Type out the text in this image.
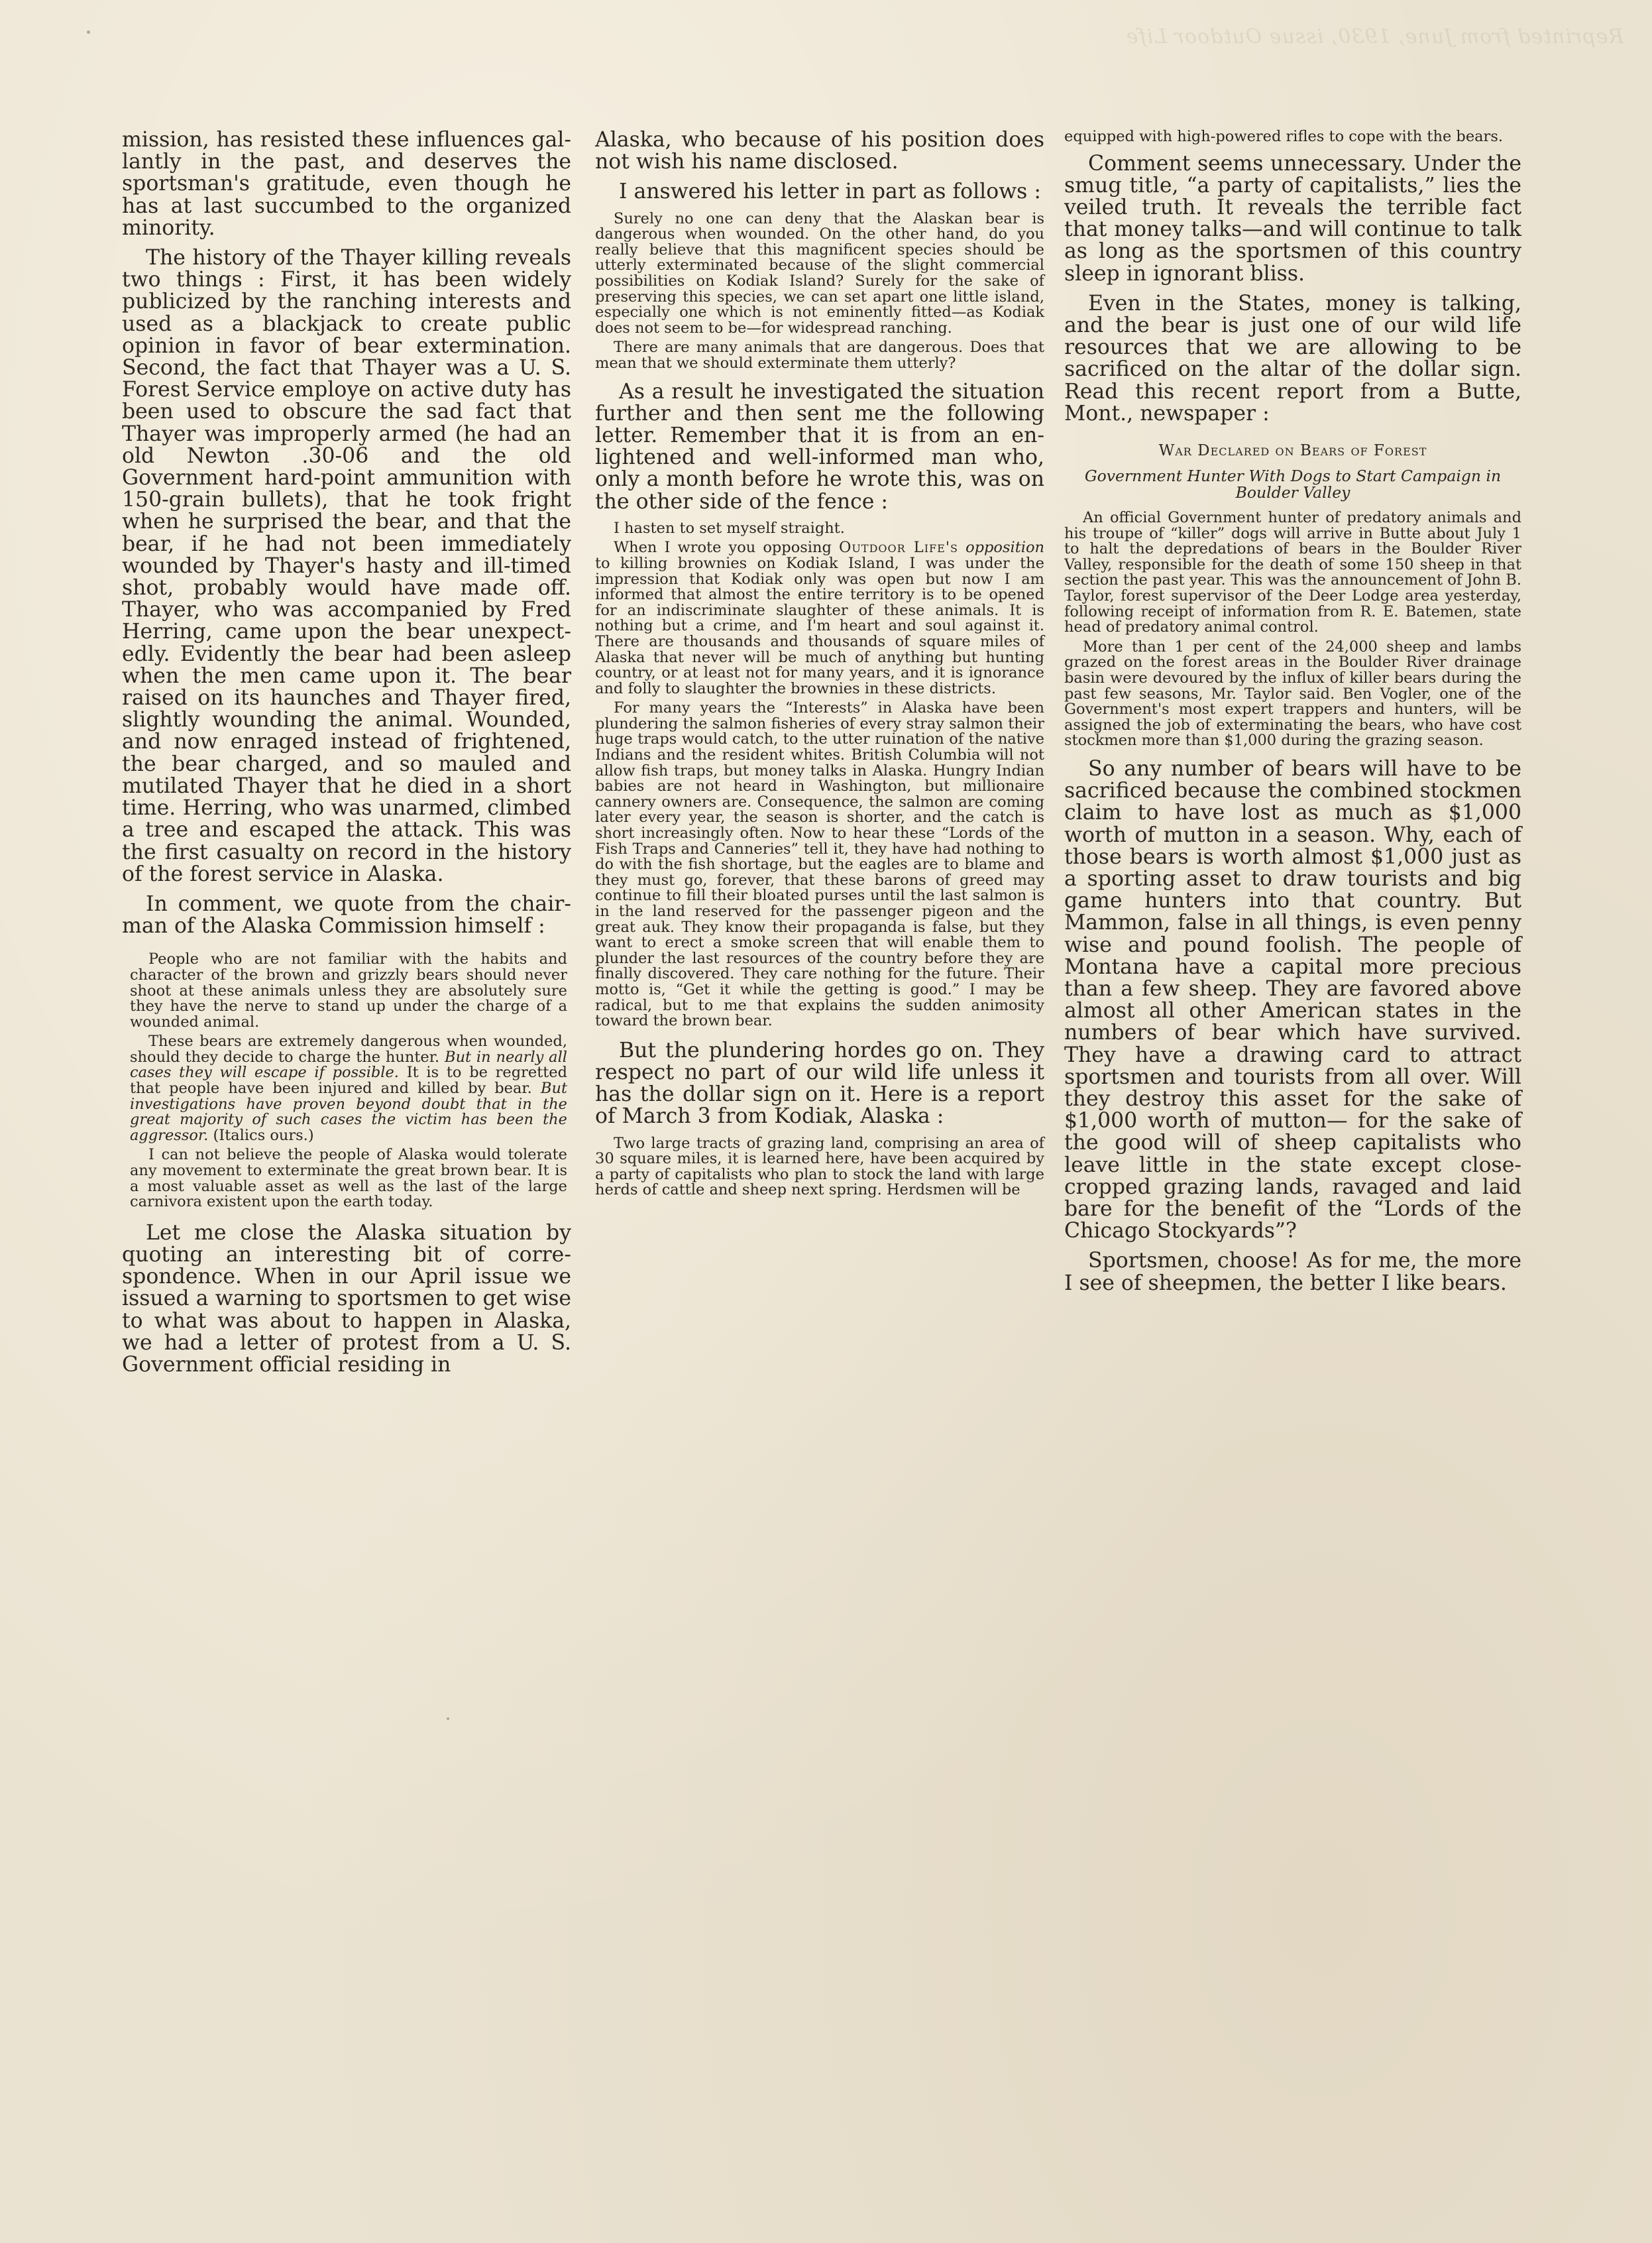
Reprinted from June, 1930, issue Outdoor Life

mission, has resisted these influences gallantly in the past, and deserves the sportsman's gratitude, even though he has at last succumbed to the organized minority.

The history of the Thayer killing reveals two things : First, it has been widely publicized by the ranching interests and used as a blackjack to create public opinion in favor of bear extermination. Second, the fact that Thayer was a U. S. Forest Service employe on active duty has been used to obscure the sad fact that Thayer was improperly armed (he had an old Newton .30-06 and the old Government hard-point ammunition with 150-grain bullets), that he took fright when he surprised the bear, and that the bear, if he had not been immediately wounded by Thayer's hasty and ill-timed shot, probably would have made off. Thayer, who was accompanied by Fred Herring, came upon the bear unexpectedly. Evidently the bear had been asleep when the men came upon it. The bear raised on its haunches and Thayer fired, slightly wounding the animal. Wounded, and now enraged instead of frightened, the bear charged, and so mauled and mutilated Thayer that he died in a short time. Herring, who was unarmed, climbed a tree and escaped the attack. This was the first casualty on record in the history of the forest service in Alaska.

In comment, we quote from the chairman of the Alaska Commission himself :

People who are not familiar with the habits and character of the brown and grizzly bears should never shoot at these animals unless they are absolutely sure they have the nerve to stand up under the charge of a wounded animal.

These bears are extremely dangerous when wounded, should they decide to charge the hunter. But in nearly all cases they will escape if possible. It is to be regretted that people have been injured and killed by bear. But investigations have proven beyond doubt that in the great majority of such cases the victim has been the aggressor. (Italics ours.)

I can not believe the people of Alaska would tolerate any movement to exterminate the great brown bear. It is a most valuable asset as well as the last of the large carnivora existent upon the earth today.

Let me close the Alaska situation by quoting an interesting bit of correspondence. When in our April issue we issued a warning to sportsmen to get wise to what was about to happen in Alaska, we had a letter of protest from a U. S. Government official residing in

Alaska, who because of his position does not wish his name disclosed.

I answered his letter in part as follows :

Surely no one can deny that the Alaskan bear is dangerous when wounded. On the other hand, do you really believe that this magnificent species should be utterly exterminated because of the slight commercial possibilities on Kodiak Island? Surely for the sake of preserving this species, we can set apart one little island, especially one which is not eminently fitted—as Kodiak does not seem to be—for widespread ranching.

There are many animals that are dangerous. Does that mean that we should exterminate them utterly?

As a result he investigated the situation further and then sent me the following letter. Remember that it is from an enlightened and well-informed man who, only a month before he wrote this, was on the other side of the fence :

I hasten to set myself straight.

When I wrote you opposing Outdoor Life's opposition to killing brownies on Kodiak Island, I was under the impression that Kodiak only was open but now I am informed that almost the entire territory is to be opened for an indiscriminate slaughter of these animals. It is nothing but a crime, and I'm heart and soul against it. There are thousands and thousands of square miles of Alaska that never will be much of anything but hunting country, or at least not for many years, and it is ignorance and folly to slaughter the brownies in these districts.

For many years the “Interests” in Alaska have been plundering the salmon fisheries of every stray salmon their huge traps would catch, to the utter ruination of the native Indians and the resident whites. British Columbia will not allow fish traps, but money talks in Alaska. Hungry Indian babies are not heard in Washington, but millionaire cannery owners are. Consequence, the salmon are coming later every year, the season is shorter, and the catch is short increasingly often. Now to hear these “Lords of the Fish Traps and Canneries” tell it, they have had nothing to do with the fish shortage, but the eagles are to blame and they must go, forever, that these barons of greed may continue to fill their bloated purses until the last salmon is in the land reserved for the passenger pigeon and the great auk. They know their propaganda is false, but they want to erect a smoke screen that will enable them to plunder the last resources of the country before they are finally discovered. They care nothing for the future. Their motto is, “Get it while the getting is good.” I may be radical, but to me that explains the sudden animosity toward the brown bear.

But the plundering hordes go on. They respect no part of our wild life unless it has the dollar sign on it. Here is a report of March 3 from Kodiak, Alaska :

Two large tracts of grazing land, comprising an area of 30 square miles, it is learned here, have been acquired by a party of capitalists who plan to stock the land with large herds of cattle and sheep next spring. Herdsmen will be

equipped with high-powered rifles to cope with the bears.

Comment seems unnecessary. Under the smug title, “a party of capitalists,” lies the veiled truth. It reveals the terrible fact that money talks—and will continue to talk as long as the sportsmen of this country sleep in ignorant bliss.

Even in the States, money is talking, and the bear is just one of our wild life resources that we are allowing to be sacrificed on the altar of the dollar sign. Read this recent report from a Butte, Mont., newspaper :

War Declared on Bears of Forest
Government Hunter With Dogs to Start Campaign in Boulder Valley

An official Government hunter of predatory animals and his troupe of “killer” dogs will arrive in Butte about July 1 to halt the depredations of bears in the Boulder River Valley, responsible for the death of some 150 sheep in that section the past year. This was the announcement of John B. Taylor, forest supervisor of the Deer Lodge area yesterday, following receipt of information from R. E. Batemen, state head of predatory animal control.

More than 1 per cent of the 24,000 sheep and lambs grazed on the forest areas in the Boulder River drainage basin were devoured by the influx of killer bears during the past few seasons, Mr. Taylor said. Ben Vogler, one of the Government's most expert trappers and hunters, will be assigned the job of exterminating the bears, who have cost stockmen more than $1,000 during the grazing season.

So any number of bears will have to be sacrificed because the combined stockmen claim to have lost as much as $1,000 worth of mutton in a season. Why, each of those bears is worth almost $1,000 just as a sporting asset to draw tourists and big game hunters into that country. But Mammon, false in all things, is even penny wise and pound foolish. The people of Montana have a capital more precious than a few sheep. They are favored above almost all other American states in the numbers of bear which have survived. They have a drawing card to attract sportsmen and tourists from all over. Will they destroy this asset for the sake of $1,000 worth of mutton— for the sake of the good will of sheep capitalists who leave little in the state except close-cropped grazing lands, ravaged and laid bare for the benefit of the “Lords of the Chicago Stockyards”?

Sportsmen, choose! As for me, the more I see of sheepmen, the better I like bears.
